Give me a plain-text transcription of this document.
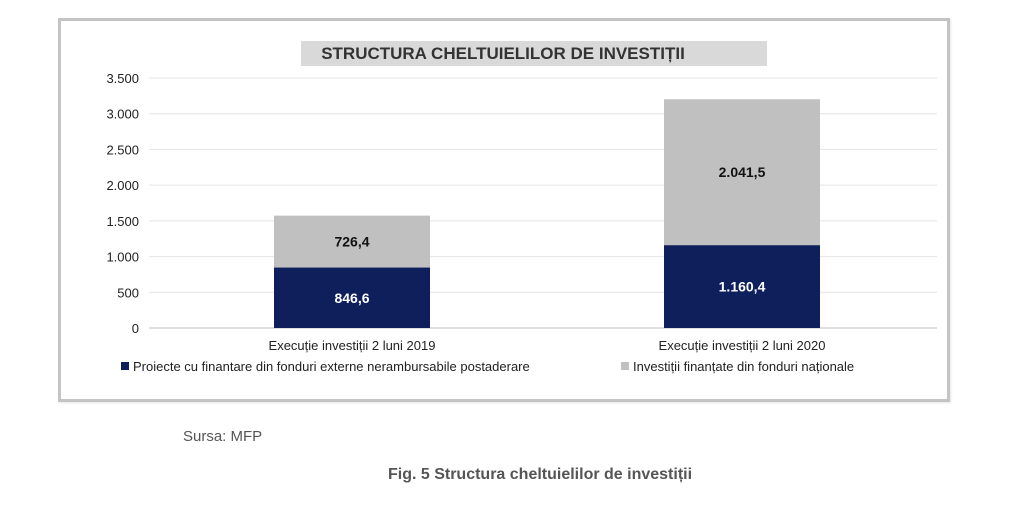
STRUCTURA CHELTUIELILOR DE INVESTIȚII
0
500
1.000
1.500
2.000
2.500
3.000
3.500
846,6
726,4
1.160,4
2.041,5
Execuție investiții 2 luni 2019	Execuție investiții 2 luni 2020
Proiecte cu finantare din fonduri externe nerambursabile postaderare	Investiții finanțate din fonduri naționale
Sursa: MFP
Fig. 5 Structura cheltuielilor de investiții
